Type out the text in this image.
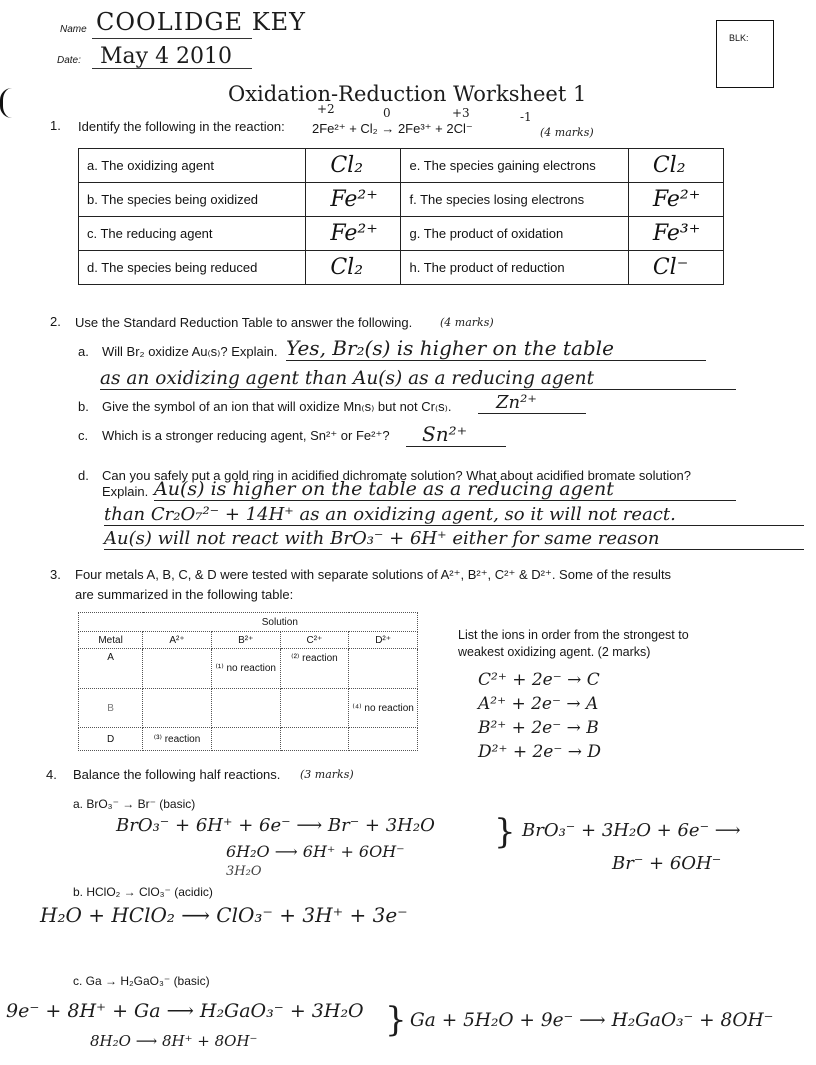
Name COOLIDGE KEY
Date: May 4 2010
BLK:
Oxidation-Reduction Worksheet 1
1. Identify the following in the reaction: 2Fe²⁺ + Cl₂ → 2Fe³⁺ + 2Cl⁻
+2	0	+3	-1
(4 marks)
a. The oxidizing agent	Cl₂	e. The species gaining electrons	Cl₂
b. The species being oxidized	Fe²⁺	f. The species losing electrons	Fe²⁺
c. The reducing agent	Fe²⁺	g. The product of oxidation	Fe³⁺
d. The species being reduced	Cl₂	h. The product of reduction	Cl⁻
2. Use the Standard Reduction Table to answer the following.	(4 marks)
a. Will Br₂ oxidize Au₍s₎? Explain. Yes, Br₂(s) is higher on the table
as an oxidizing agent than Au(s) as a reducing agent
b. Give the symbol of an ion that will oxidize Mn₍s₎ but not Cr₍s₎.	Zn²⁺
c. Which is a stronger reducing agent, Sn²⁺ or Fe²⁺?	Sn²⁺
d. Can you safely put a gold ring in acidified dichromate solution? What about acidified bromate solution?
Explain. Au(s) is higher on the table as a reducing agent
than Cr₂O₇²⁻ + 14H⁺ as an oxidizing agent, so it will not react.
Au(s) will not react with BrO₃⁻ + 6H⁺ either for same reason
3. Four metals A, B, C, & D were tested with separate solutions of A²⁺, B²⁺, C²⁺ & D²⁺. Some of the results
are summarized in the following table:
	Solution			
Metal	A²⁺	B²⁺	C²⁺	D²⁺
A		⁽¹⁾ no reaction	⁽²⁾ reaction	
B				⁽⁴⁾ no reaction
D	⁽³⁾ reaction			
List the ions in order from the strongest to
weakest oxidizing agent. (2 marks)
C²⁺ + 2e⁻ → C
A²⁺ + 2e⁻ → A
B²⁺ + 2e⁻ → B
D²⁺ + 2e⁻ → D
4. Balance the following half reactions. (3 marks)
a. BrO₃⁻ → Br⁻ (basic)
BrO₃⁻ + 6H⁺ + 6e⁻ ⟶ Br⁻ + 3H₂O
6H₂O ⟶ 6H⁺ + 6OH⁻
3H₂O
} BrO₃⁻ + 3H₂O + 6e⁻ ⟶
Br⁻ + 6OH⁻
b. HClO₂ → ClO₃⁻ (acidic)
H₂O + HClO₂ ⟶ ClO₃⁻ + 3H⁺ + 3e⁻
c. Ga → H₂GaO₃⁻ (basic)
9e⁻ + 8H⁺ + Ga ⟶ H₂GaO₃⁻ + 3H₂O
8H₂O ⟶ 8H⁺ + 8OH⁻
} Ga + 5H₂O + 9e⁻ ⟶ H₂GaO₃⁻ + 8OH⁻
